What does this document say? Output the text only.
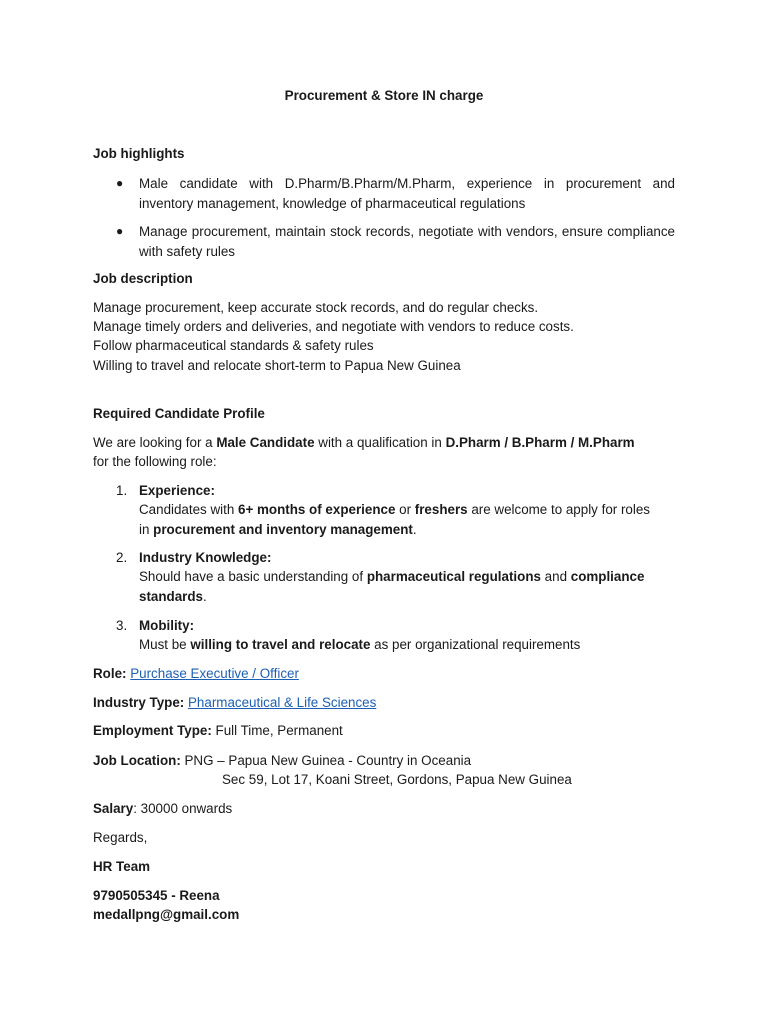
Procurement & Store IN charge
Job highlights
● Male candidate with D.Pharm/B.Pharm/M.Pharm, experience in procurement and inventory management, knowledge of pharmaceutical regulations
● Manage procurement, maintain stock records, negotiate with vendors, ensure compliance with safety rules
Job description
Manage procurement, keep accurate stock records, and do regular checks.
Manage timely orders and deliveries, and negotiate with vendors to reduce costs.
Follow pharmaceutical standards & safety rules
Willing to travel and relocate short-term to Papua New Guinea
Required Candidate Profile
We are looking for a Male Candidate with a qualification in D.Pharm / B.Pharm / M.Pharm
for the following role:
1. Experience:
Candidates with 6+ months of experience or freshers are welcome to apply for roles
in procurement and inventory management.
2. Industry Knowledge:
Should have a basic understanding of pharmaceutical regulations and compliance
standards.
3. Mobility:
Must be willing to travel and relocate as per organizational requirements
Role: Purchase Executive / Officer
Industry Type: Pharmaceutical & Life Sciences
Employment Type: Full Time, Permanent
Job Location: PNG – Papua New Guinea - Country in Oceania
Sec 59, Lot 17, Koani Street, Gordons, Papua New Guinea
Salary: 30000 onwards
Regards,
HR Team
9790505345 - Reena
medallpng@gmail.com
